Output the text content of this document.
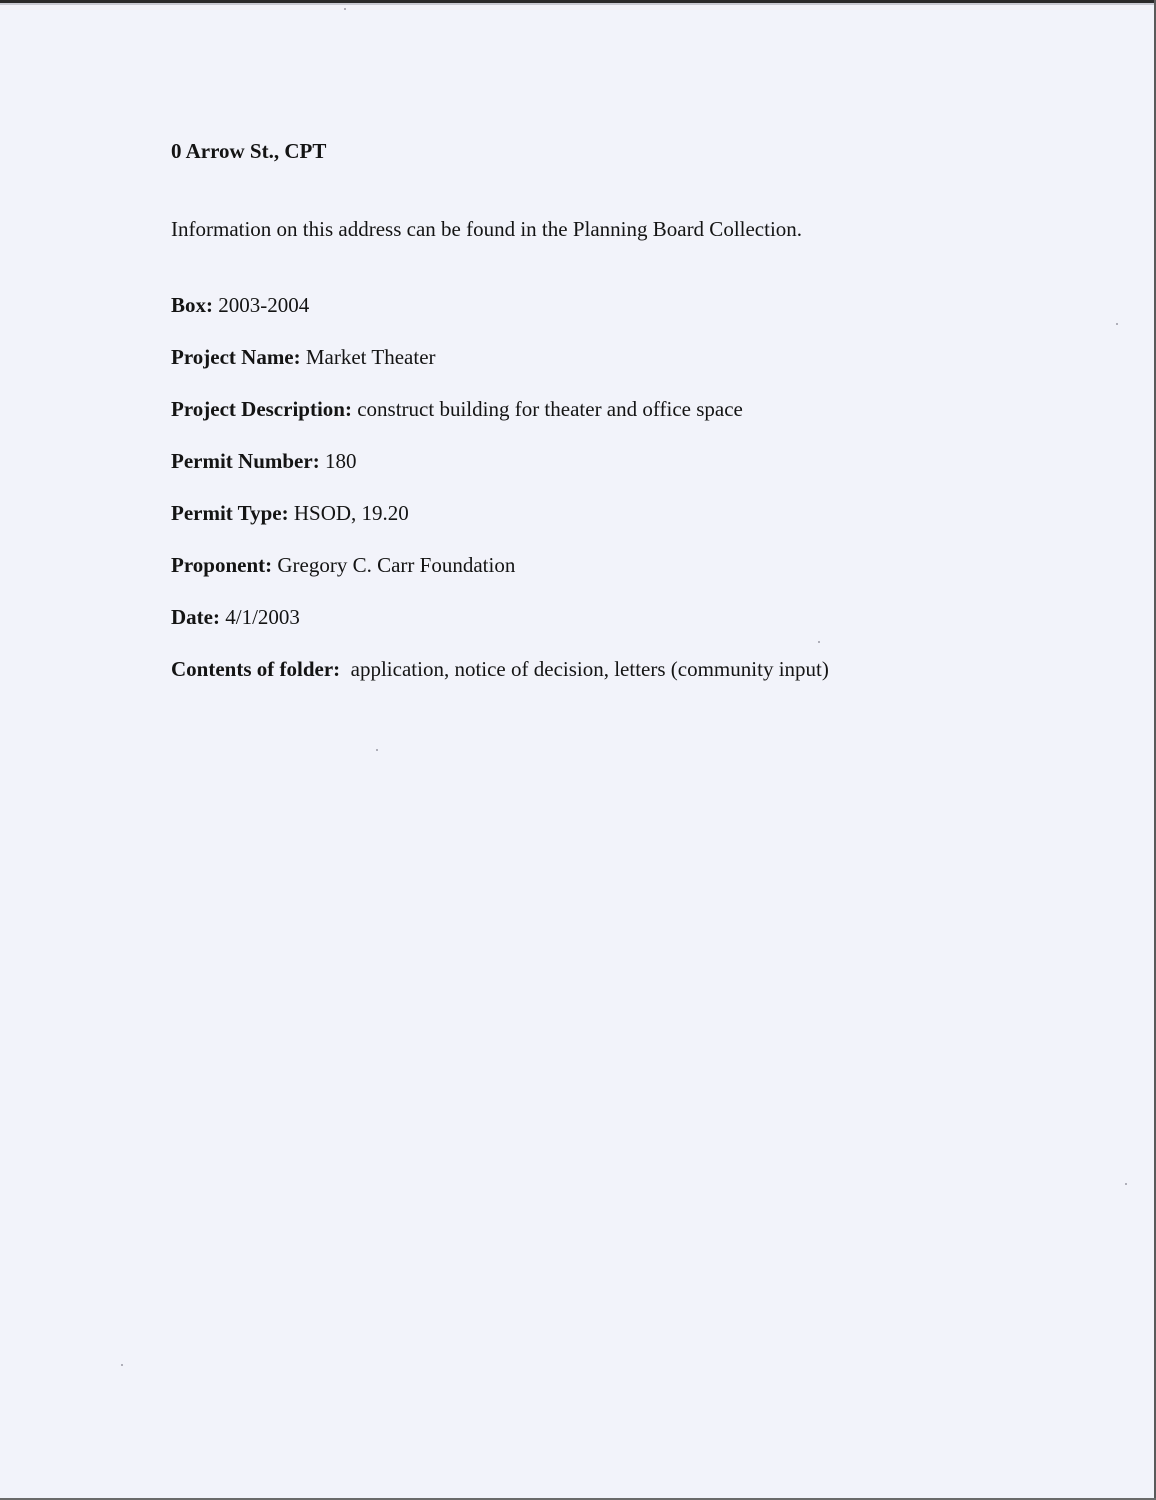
0 Arrow St., CPT

Information on this address can be found in the Planning Board Collection.

Box: 2003-2004

Project Name: Market Theater

Project Description: construct building for theater and office space

Permit Number: 180

Permit Type: HSOD, 19.20

Proponent: Gregory C. Carr Foundation

Date: 4/1/2003

Contents of folder: application, notice of decision, letters (community input)
